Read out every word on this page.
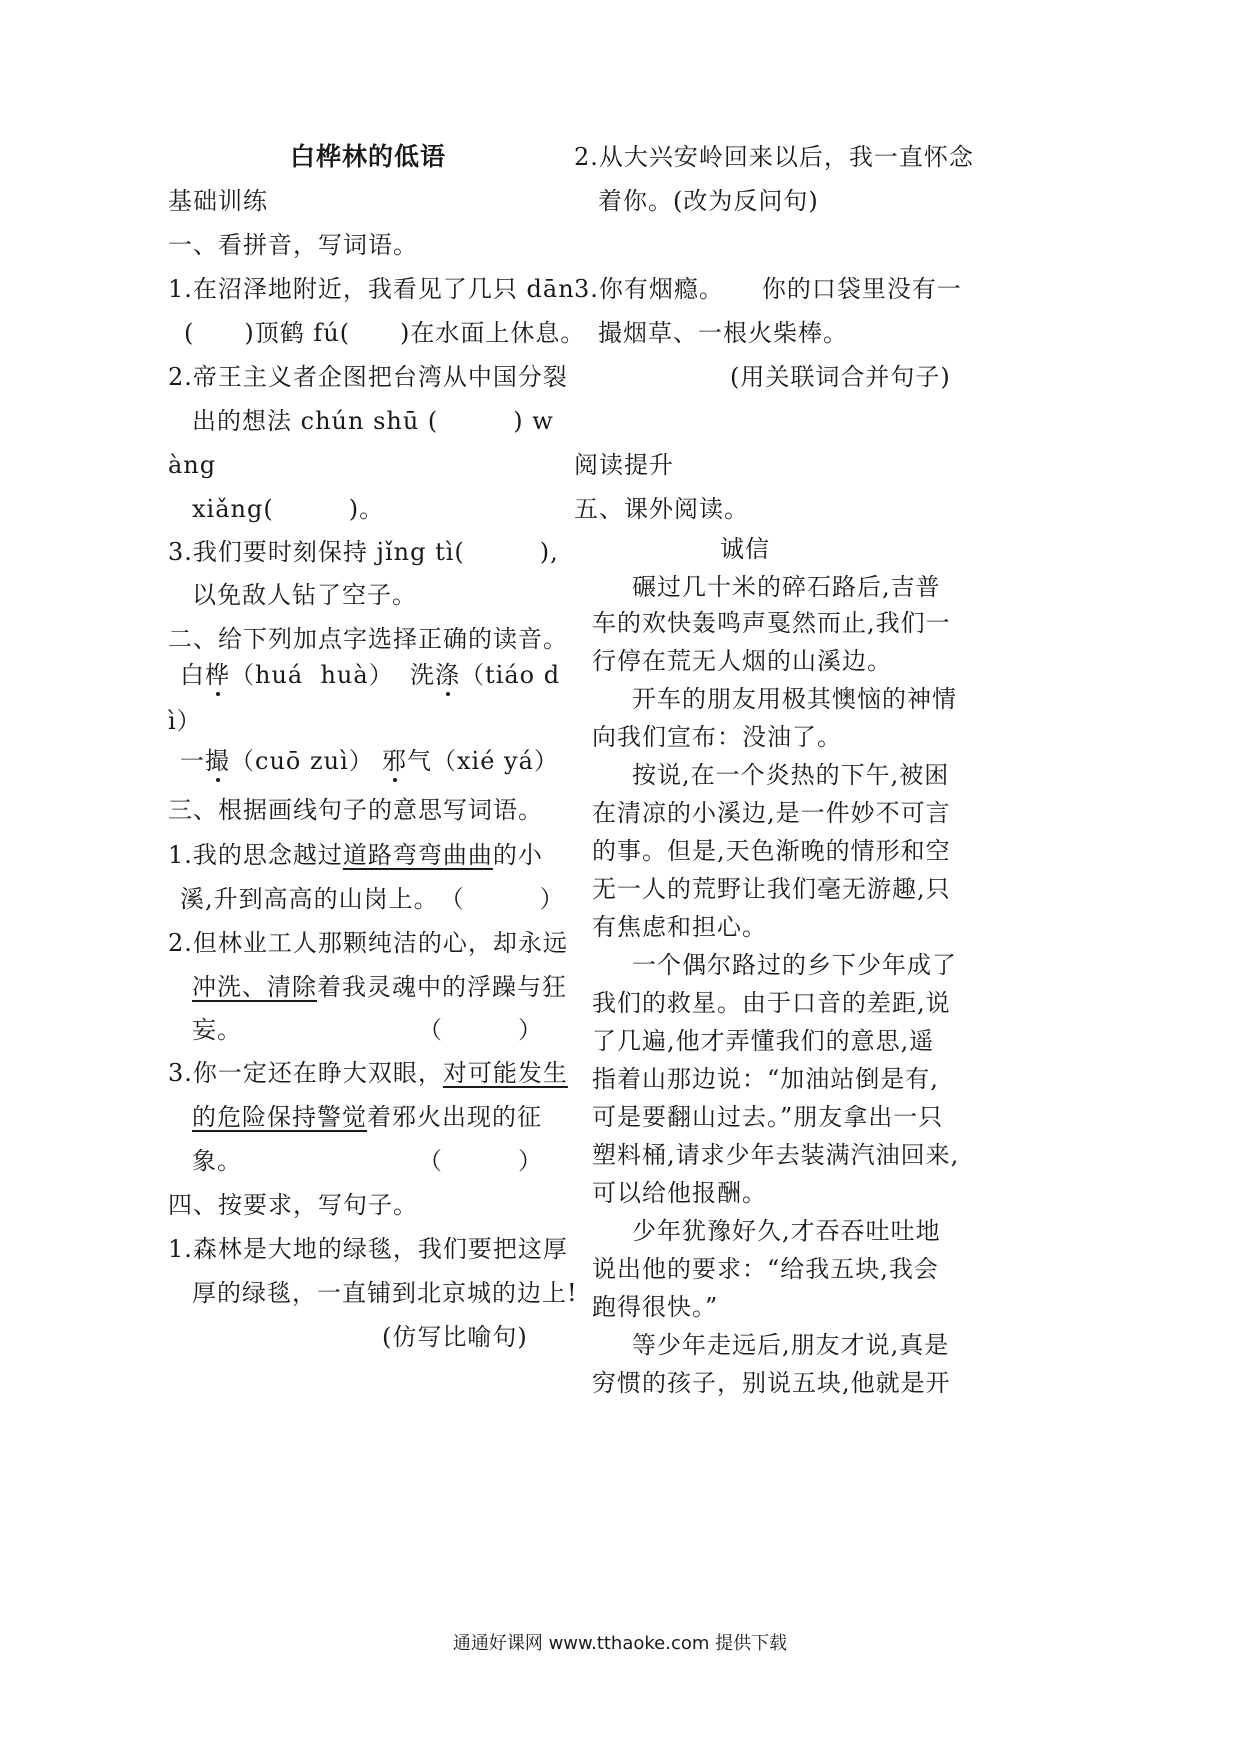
白桦林的低语
基础训练
一、看拼音，写词语。
1.在沼泽地附近，我看见了几只 dān
(　　)顶鹤 fú(　　)在水面上休息。
2.帝王主义者企图把台湾从中国分裂
出的想法 chún shū (　　　) w
àng
xiǎng(　　　)。
3.我们要时刻保持 jǐng tì(　　　),
以免敌人钻了空子。
二、给下列加点字选择正确的读音。
白桦（huá  huà） 洗涤（tiáo d
ì）
一撮（cuō zuì） 邪气（xié yá）
三、根据画线句子的意思写词语。
1.我的思念越过道路弯弯曲曲的小
溪,升到高高的山岗上。　（　　　）
2.但林业工人那颗纯洁的心，却永远
冲洗、清除着我灵魂中的浮躁与狂
妄。　　　　　　　　（　　　）
3.你一定还在睁大双眼，对可能发生
的危险保持警觉着邪火出现的征
象。　　　　　　　　（　　　）
四、按要求，写句子。
1.森林是大地的绿毯，我们要把这厚
厚的绿毯，一直铺到北京城的边上!
(仿写比喻句)
2.从大兴安岭回来以后，我一直怀念
着你。(改为反问句)
3.你有烟瘾。　　你的口袋里没有一
撮烟草、一根火柴棒。
(用关联词合并句子)
阅读提升
五、课外阅读。
诚信
碾过几十米的碎石路后,吉普
车的欢快轰鸣声戛然而止,我们一
行停在荒无人烟的山溪边。
开车的朋友用极其懊恼的神情
向我们宣布：没油了。
按说,在一个炎热的下午,被困
在清凉的小溪边,是一件妙不可言
的事。但是,天色渐晚的情形和空
无一人的荒野让我们毫无游趣,只
有焦虑和担心。
一个偶尔路过的乡下少年成了
我们的救星。由于口音的差距,说
了几遍,他才弄懂我们的意思,遥
指着山那边说：“加油站倒是有,
可是要翻山过去。”朋友拿出一只
塑料桶,请求少年去装满汽油回来,
可以给他报酬。
少年犹豫好久,才吞吞吐吐地
说出他的要求：“给我五块,我会
跑得很快。”
等少年走远后,朋友才说,真是
穷惯的孩子，别说五块,他就是开
通通好课网 www.tthaoke.com 提供下载
